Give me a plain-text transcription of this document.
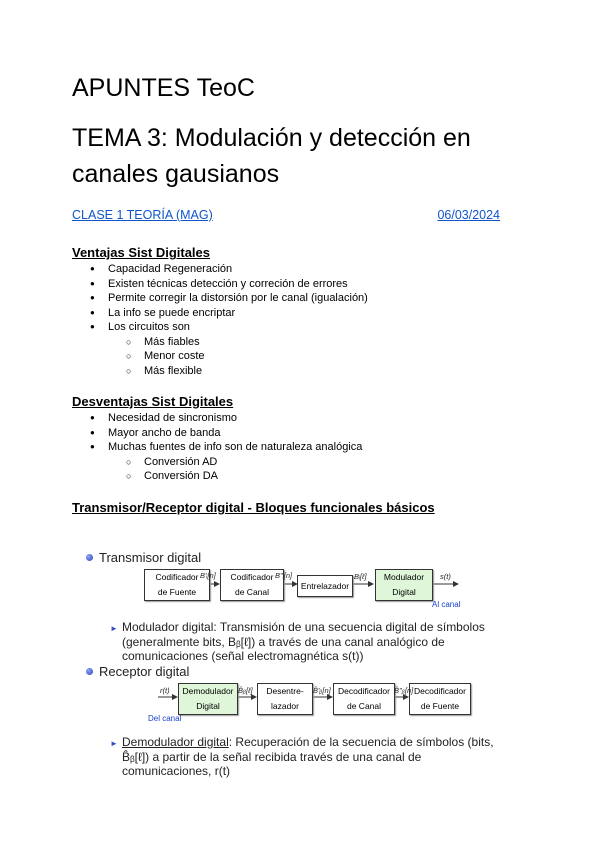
APUNTES TeoC
TEMA 3: Modulación y detección en canales gausianos
CLASE 1 TEORÍA (MAG)	06/03/2024
Ventajas Sist Digitales
● Capacidad Regeneración
● Existen técnicas detección y correción de errores
● Permite corregir la distorsión por le canal (igualación)
● La info se puede encriptar
● Los circuitos son
○ Más fiables
○ Menor coste
○ Más flexible
Desventajas Sist Digitales
● Necesidad de sincronismo
● Mayor ancho de banda
● Muchas fuentes de info son de naturaleza analógica
○ Conversión AD
○ Conversión DA
Transmisor/Receptor digital - Bloques funcionales básicos
Transmisor digital
Codificador
de Fuente
Codificador
de Canal
Entrelazador
Modulador
Digital
B'ᵢ[n]	B''ᵢ[n]	Bᵢ[ℓ]	s(t)
Al canal
► Modulador digital: Transmisión de una secuencia digital de símbolos (generalmente bits, Bᵦ[ℓ]) a través de una canal analógico de comunicaciones (señal electromagnética s(t))
Receptor digital
Demodulador
Digital
Desentre-
lazador
Decodificador
de Canal
Decodificador
de Fuente
r(t)	B̂ᵦ[ℓ]	B̂'ᵦ[n]	B̂''ᵦ[n]
Del canal
► Demodulador digital: Recuperación de la secuencia de símbolos (bits, B̂ᵦ[ℓ]) a partir de la señal recibida través de una canal de comunicaciones, r(t)
